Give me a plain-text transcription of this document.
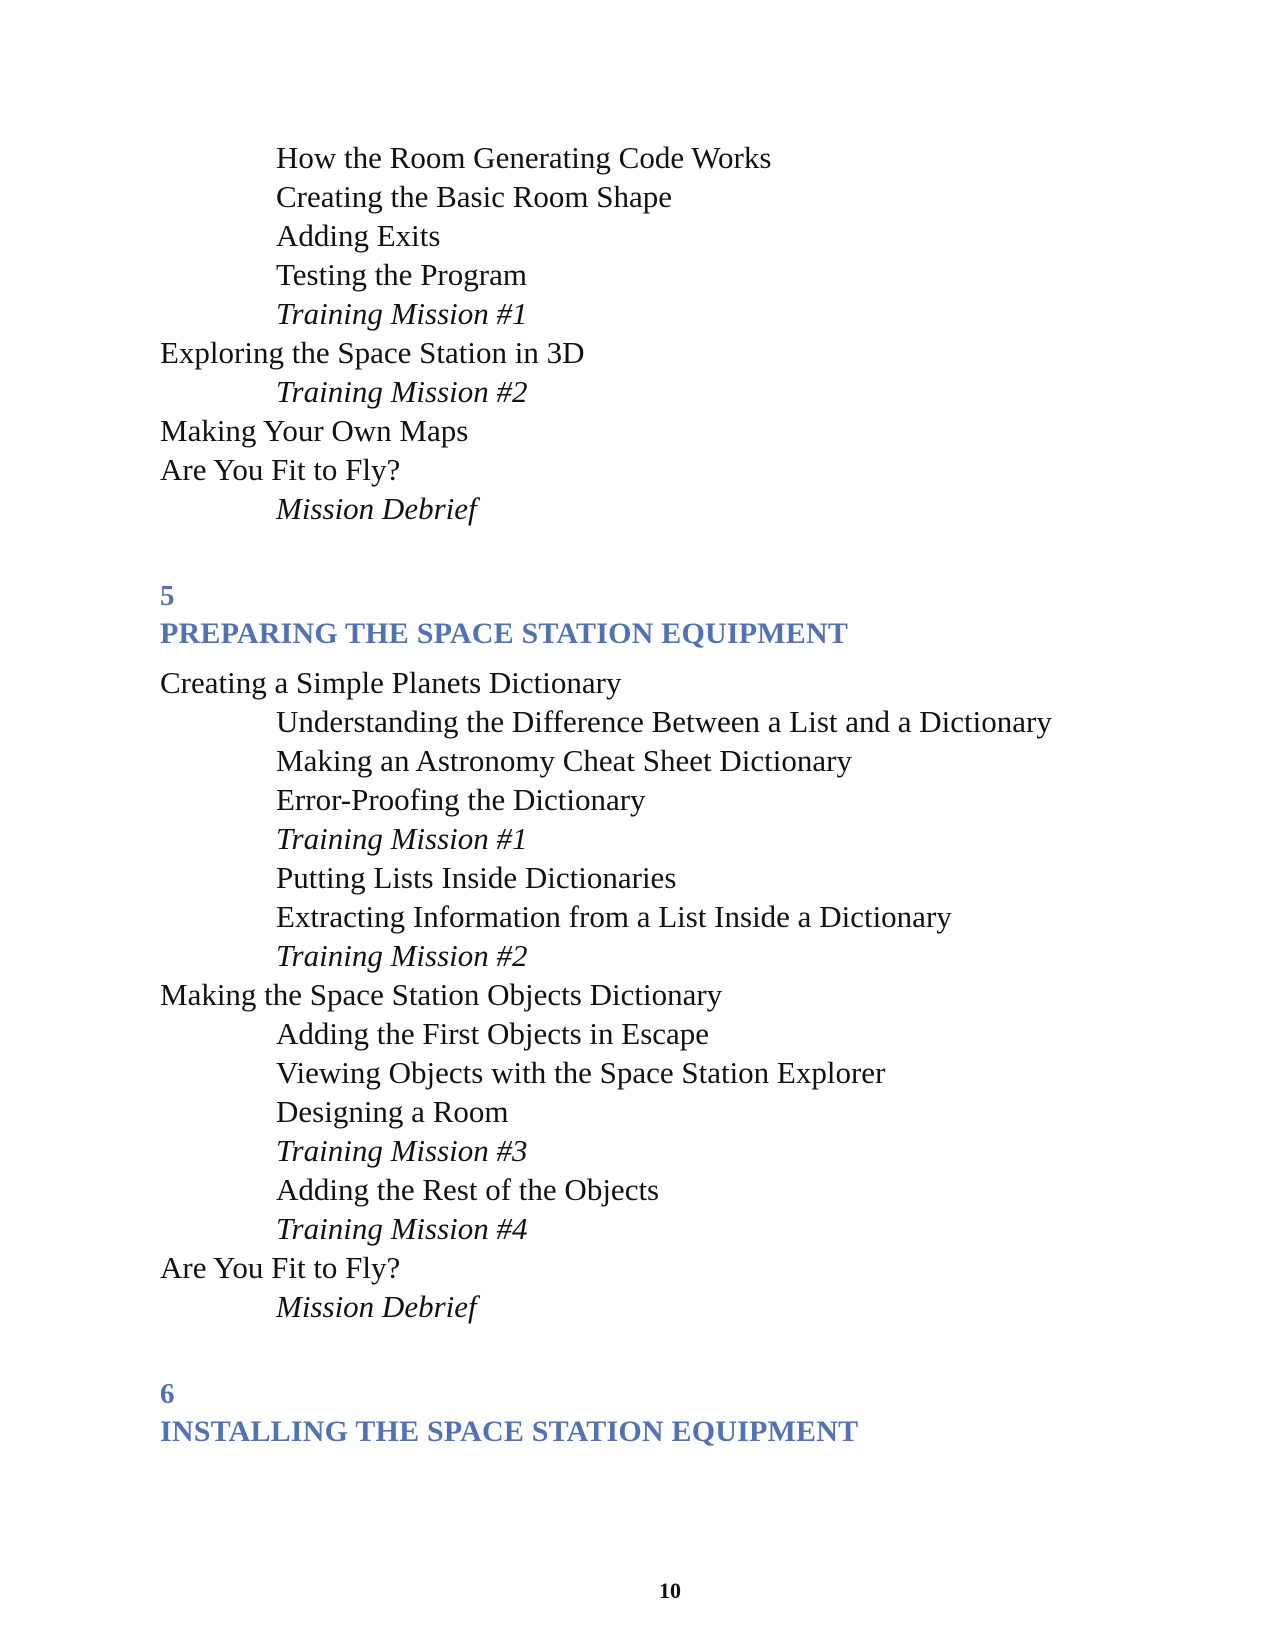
How the Room Generating Code Works
Creating the Basic Room Shape
Adding Exits
Testing the Program
Training Mission #1
Exploring the Space Station in 3D
Training Mission #2
Making Your Own Maps
Are You Fit to Fly?
Mission Debrief
5
PREPARING THE SPACE STATION EQUIPMENT
Creating a Simple Planets Dictionary
Understanding the Difference Between a List and a Dictionary
Making an Astronomy Cheat Sheet Dictionary
Error-Proofing the Dictionary
Training Mission #1
Putting Lists Inside Dictionaries
Extracting Information from a List Inside a Dictionary
Training Mission #2
Making the Space Station Objects Dictionary
Adding the First Objects in Escape
Viewing Objects with the Space Station Explorer
Designing a Room
Training Mission #3
Adding the Rest of the Objects
Training Mission #4
Are You Fit to Fly?
Mission Debrief
6
INSTALLING THE SPACE STATION EQUIPMENT
10
